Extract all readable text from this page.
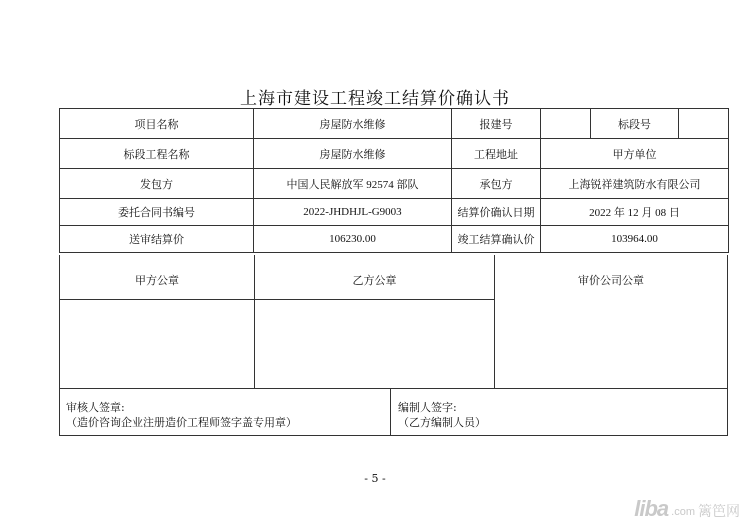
上海市建设工程竣工结算价确认书
项目名称	房屋防水维修	报建号		标段号	
标段工程名称	房屋防水维修	工程地址	甲方单位		
发包方	中国人民解放军 92574 部队	承包方	上海锐祥建筑防水有限公司		
委托合同书编号	2022-JHDHJL-G9003	结算价确认日期	2022 年 12 月 08 日		
送审结算价	106230.00	竣工结算确认价	103964.00		
甲方公章	乙方公章	审价公司公章
审核人签章:
（造价咨询企业注册造价工程师签字盖专用章）
编制人签字:
（乙方编制人员）
- 5 -
liba .com 篱笆网
